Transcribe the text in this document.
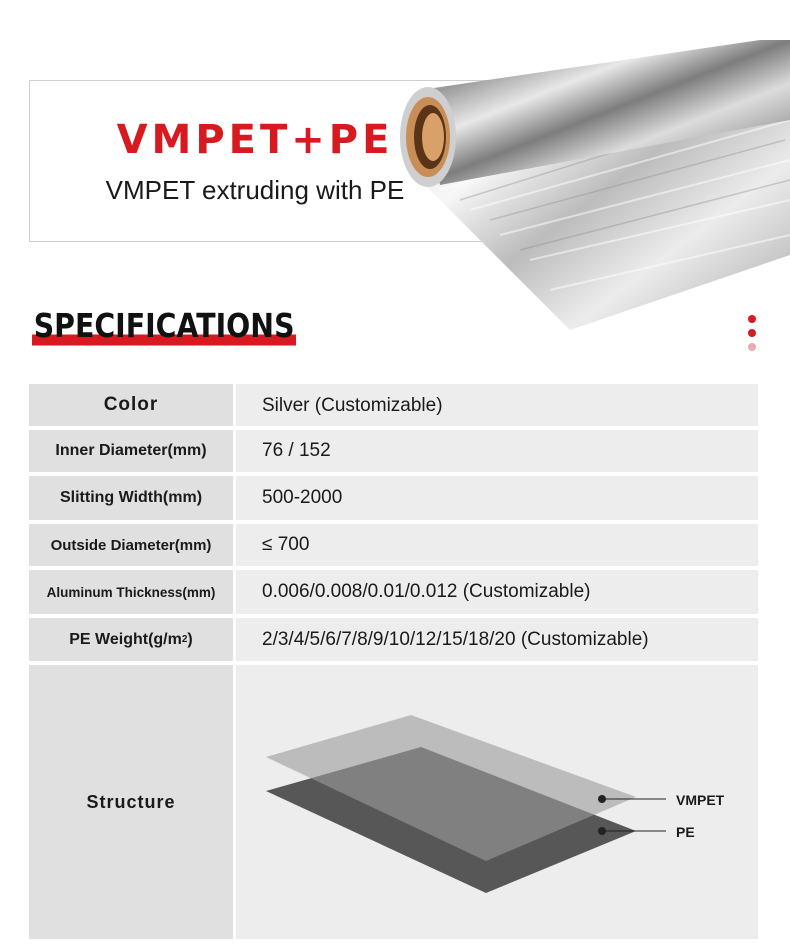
VMPET+PE
VMPET extruding with PE
SPECIFICATIONS
Color	Silver (Customizable)
Inner Diameter(mm)	76 / 152
Slitting Width(mm)	500-2000
Outside Diameter(mm)	≤ 700
Aluminum Thickness(mm)	0.006/0.008/0.01/0.012 (Customizable)
PE Weight(g/m 2 )	2/3/4/5/6/7/8/9/10/12/15/18/20 (Customizable)
Structure	VMPET
PE
